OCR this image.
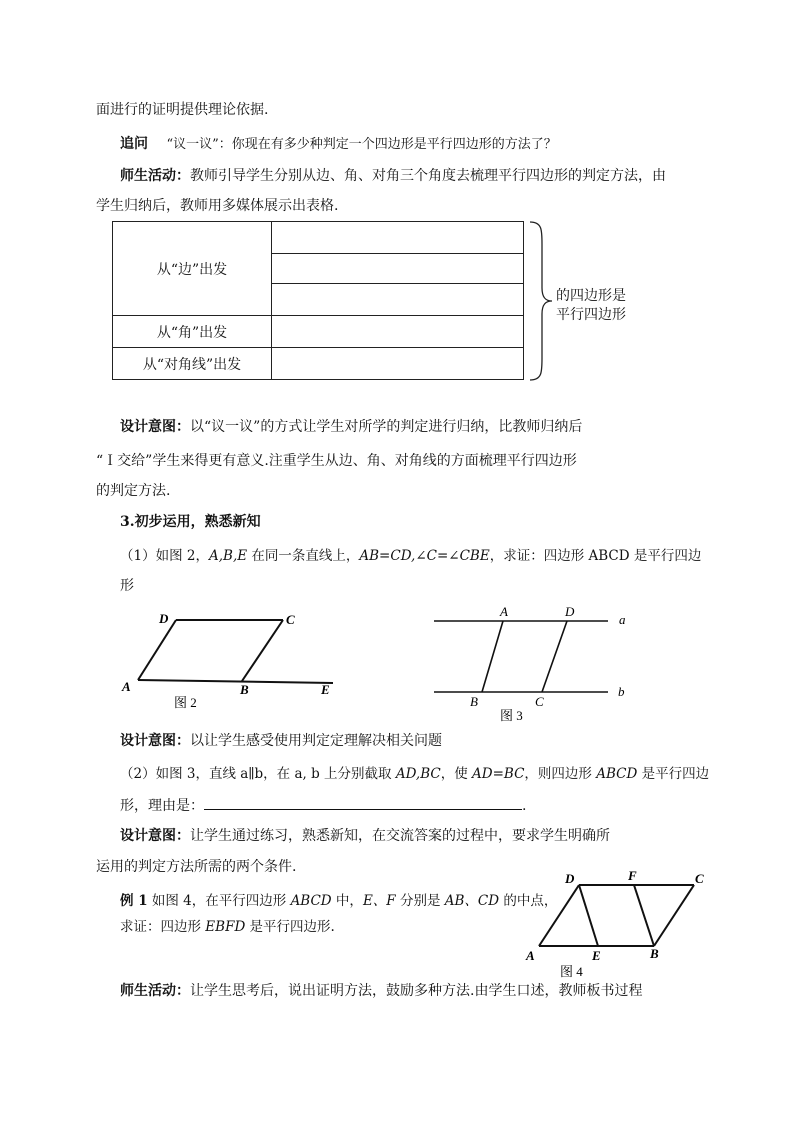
面进行的证明提供理论依据.
追问 “议一议”：你现在有多少种判定一个四边形是平行四边形的方法了？
师生活动：教师引导学生分别从边、角、对角三个角度去梳理平行四边形的判定方法，由
学生归纳后，教师用多媒体展示出表格.
从“边”出发	

从“角”出发	
从“对角线”出发	
的四边形是
平行四边形
设计意图：以“议一议”的方式让学生对所学的判定进行归纳，比教师归纳后
“Ｉ交给”学生来得更有意义.注重学生从边、角、对角线的方面梳理平行四边形
的判定方法.
3.初步运用，熟悉新知
（1）如图 2，A,B,E 在同一条直线上，AB=CD,∠C=∠CBE，求证：四边形 ABCD 是平行四边
形
A	B
C
D
E
图 2
A	D
B	C
a
b
图 3
设计意图：以让学生感受使用判定定理解决相关问题
（2）如图 3，直线 a∥b，在 a, b 上分别截取 AD,BC，使 AD=BC，则四边形 ABCD 是平行四边
形，理由是：	.
设计意图：让学生通过练习，熟悉新知，在交流答案的过程中，要求学生明确所
运用的判定方法所需的两个条件.
例 1 如图 4，在平行四边形 ABCD 中，E、F 分别是 AB、CD 的中点，
求证：四边形 EBFD 是平行四边形.
A	B
C
D
E
F
图 4
师生活动：让学生思考后，说出证明方法，鼓励多种方法.由学生口述，教师板书过程
